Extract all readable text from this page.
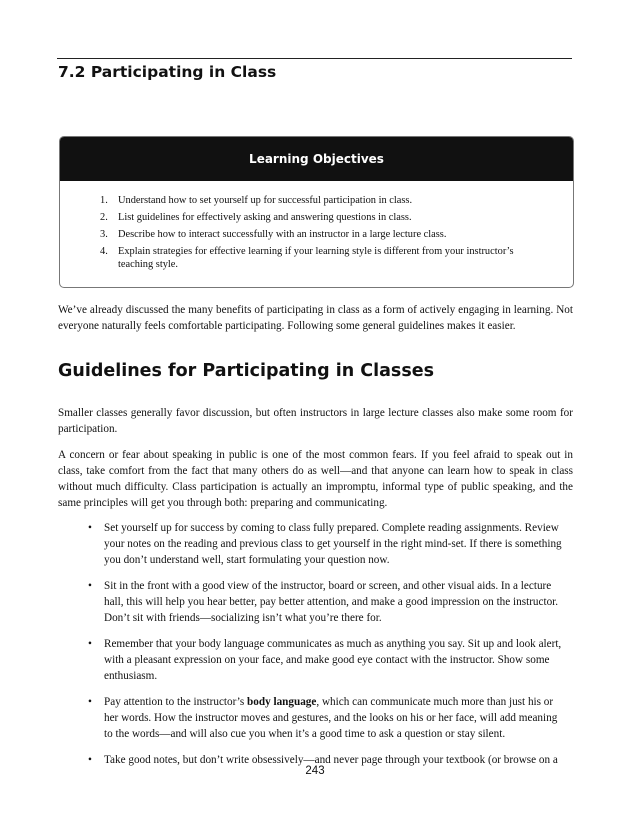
7.2 Participating in Class
Learning Objectives
1. Understand how to set yourself up for successful participation in class.
2. List guidelines for effectively asking and answering questions in class.
3. Describe how to interact successfully with an instructor in a large lecture class.
4. Explain strategies for effective learning if your learning style is different from your instructor’s teaching style.

We’ve already discussed the many benefits of participating in class as a form of actively engaging in learning. Not everyone naturally feels comfortable participating. Following some general guidelines makes it easier.

Guidelines for Participating in Classes

Smaller classes generally favor discussion, but often instructors in large lecture classes also make some room for participation.

A concern or fear about speaking in public is one of the most common fears. If you feel afraid to speak out in class, take comfort from the fact that many others do as well—and that anyone can learn how to speak in class without much difficulty. Class participation is actually an impromptu, informal type of public speaking, and the same principles will get you through both: preparing and communicating.

• Set yourself up for success by coming to class fully prepared. Complete reading assignments. Review your notes on the reading and previous class to get yourself in the right mind-set. If there is something you don’t understand well, start formulating your question now.
• Sit in the front with a good view of the instructor, board or screen, and other visual aids. In a lecture hall, this will help you hear better, pay better attention, and make a good impression on the instructor. Don’t sit with friends—socializing isn’t what you’re there for.
• Remember that your body language communicates as much as anything you say. Sit up and look alert, with a pleasant expression on your face, and make good eye contact with the instructor. Show some enthusiasm.
• Pay attention to the instructor’s body language, which can communicate much more than just his or her words. How the instructor moves and gestures, and the looks on his or her face, will add meaning to the words—and will also cue you when it’s a good time to ask a question or stay silent.
• Take good notes, but don’t write obsessively—and never page through your textbook (or browse on a
243
